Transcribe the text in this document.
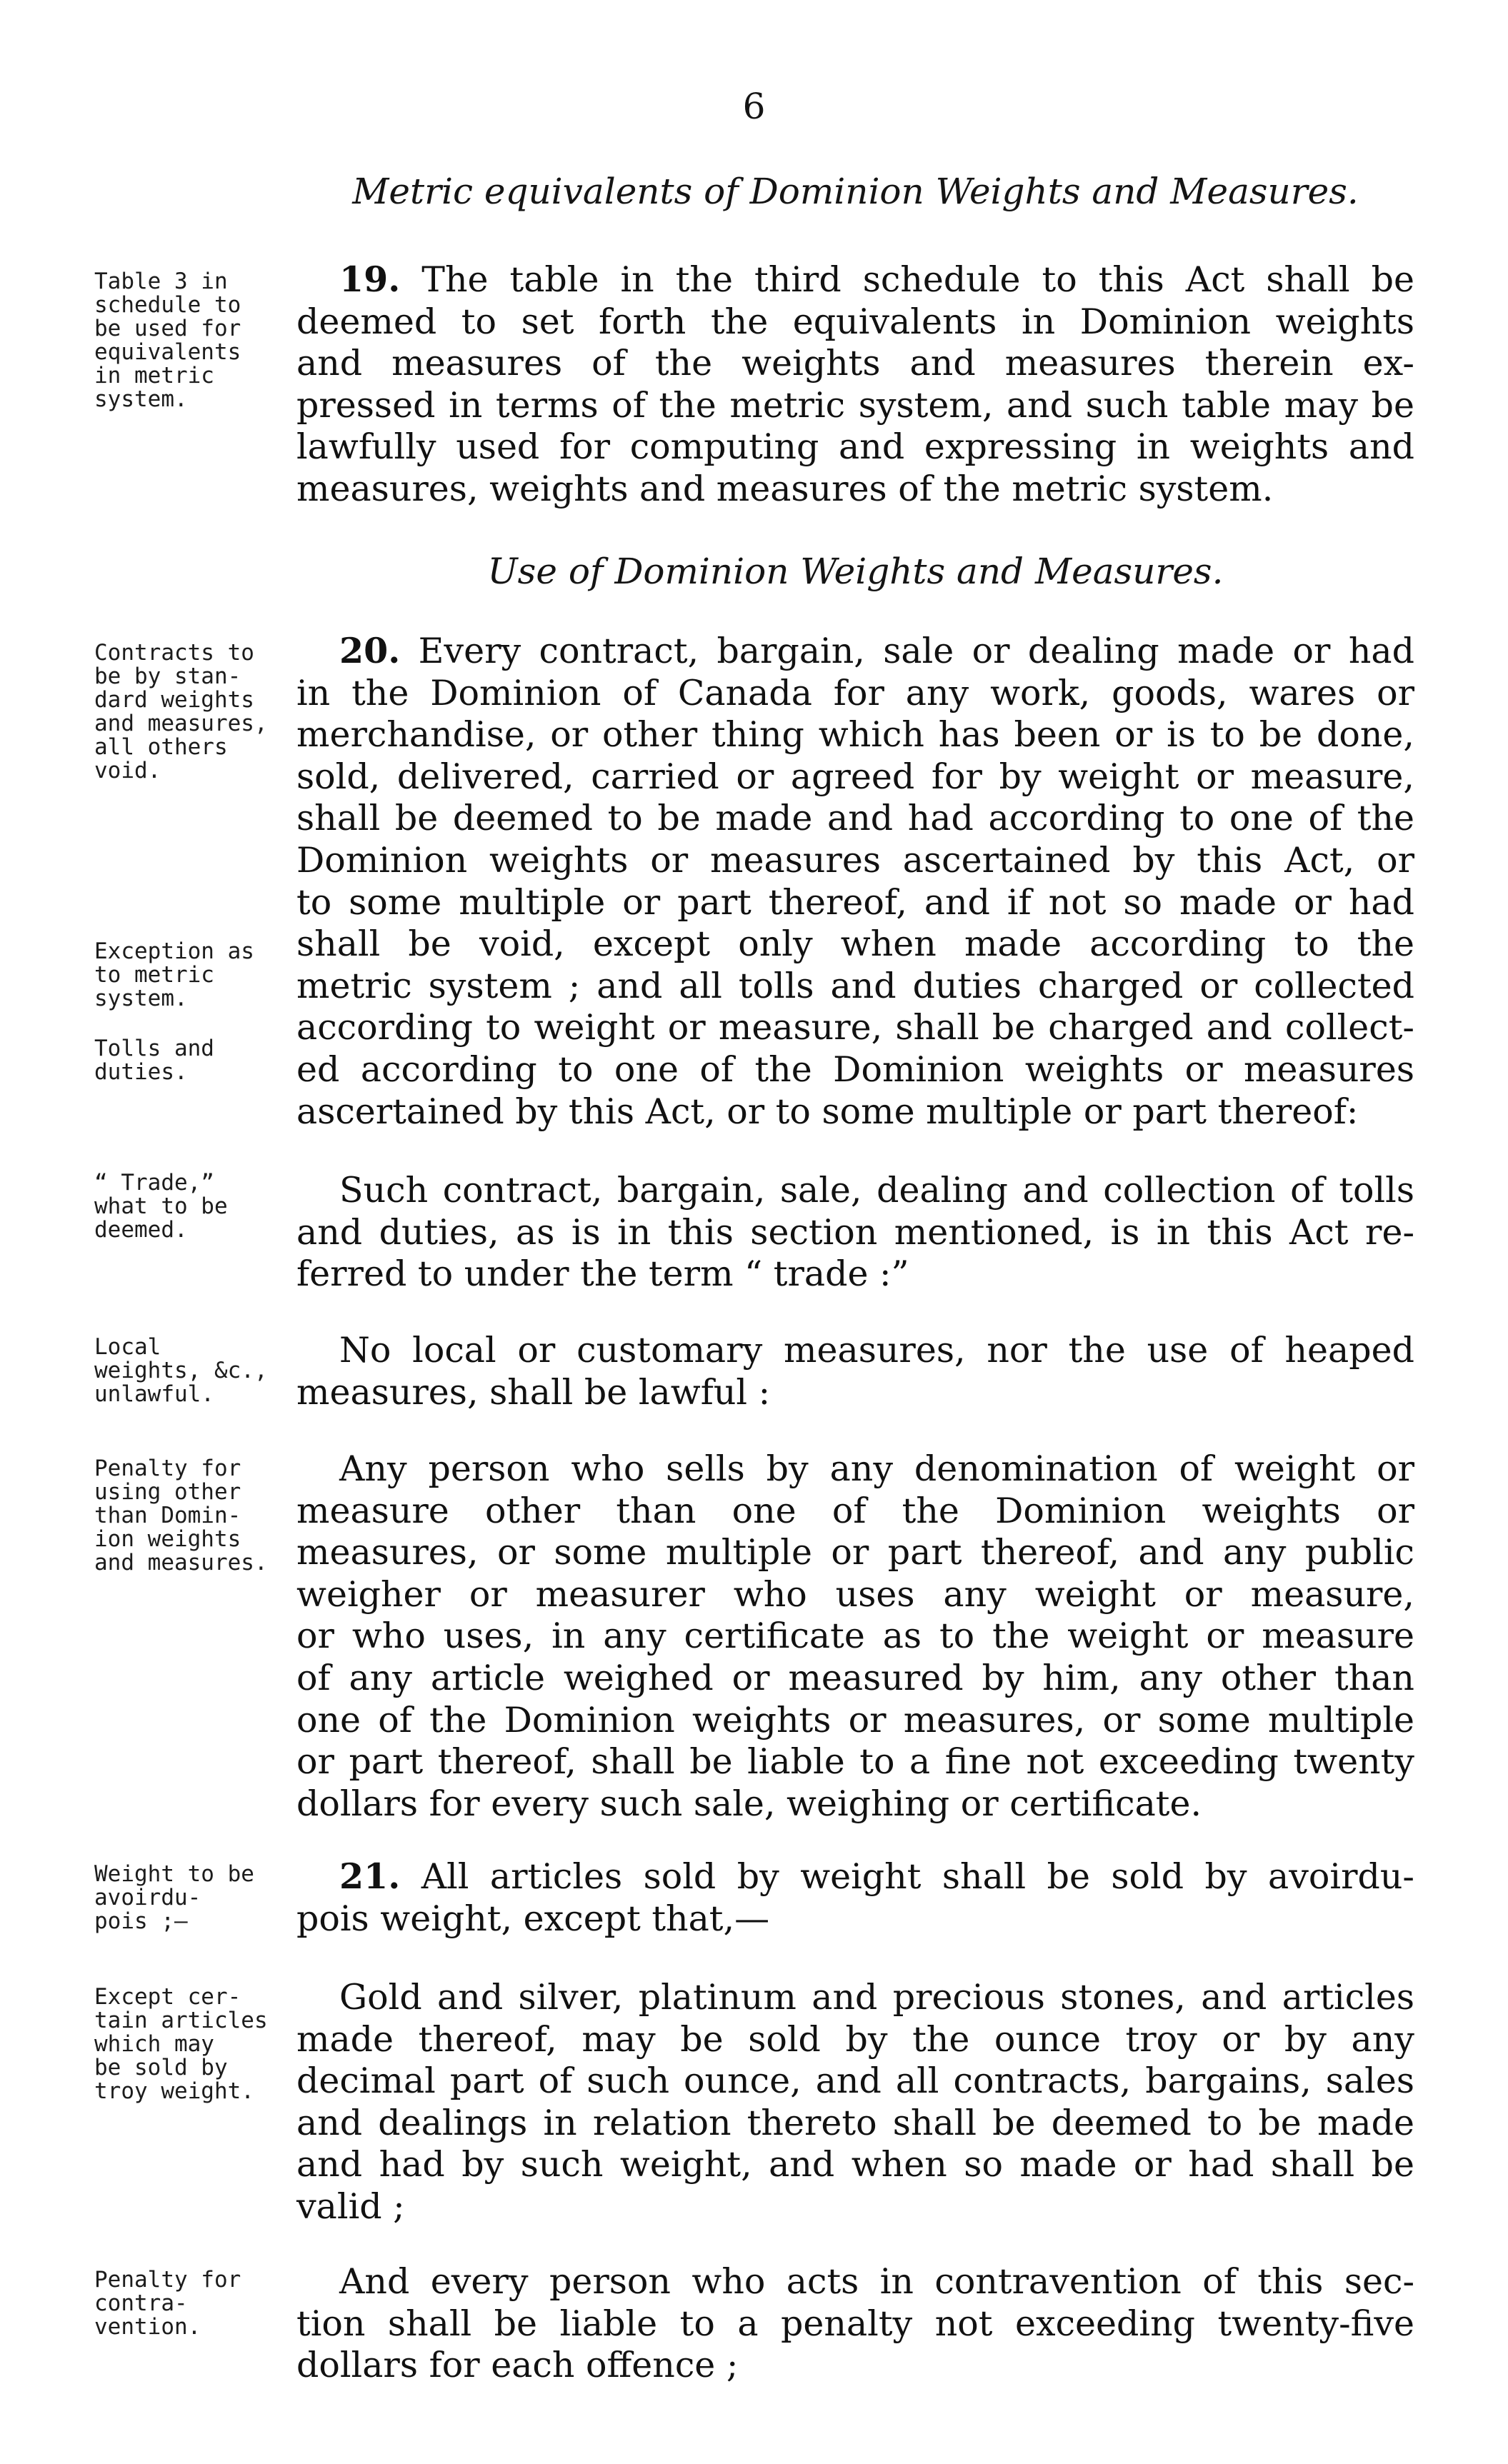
6
Metric equivalents of Dominion Weights and Measures.
Table 3 in
schedule to
be used for
equivalents
in metric
system.
19. The table in the third schedule to this Act shall be
deemed to set forth the equivalents in Dominion weights
and measures of the weights and measures therein ex-
pressed in terms of the metric system, and such table may be
lawfully used for computing and expressing in weights and
measures, weights and measures of the metric system.
Use of Dominion Weights and Measures.
Contracts to
be by stan-
dard weights
and measures,
all others
void.
Exception as
to metric
system.
Tolls and
duties.
20. Every contract, bargain, sale or dealing made or had
in the Dominion of Canada for any work, goods, wares or
merchandise, or other thing which has been or is to be done,
sold, delivered, carried or agreed for by weight or measure,
shall be deemed to be made and had according to one of the
Dominion weights or measures ascertained by this Act, or
to some multiple or part thereof, and if not so made or had
shall be void, except only when made according to the
metric system ; and all tolls and duties charged or collected
according to weight or measure, shall be charged and collect-
ed according to one of the Dominion weights or measures
ascertained by this Act, or to some multiple or part thereof:
“ Trade,”
what to be
deemed.
Such contract, bargain, sale, dealing and collection of tolls
and duties, as is in this section mentioned, is in this Act re-
ferred to under the term “ trade :”
Local
weights, &c.,
unlawful.
No local or customary measures, nor the use of heaped
measures, shall be lawful :
Penalty for
using other
than Domin-
ion weights
and measures.
Any person who sells by any denomination of weight or
measure other than one of the Dominion weights or
measures, or some multiple or part thereof, and any public
weigher or measurer who uses any weight or measure,
or who uses, in any certificate as to the weight or measure
of any article weighed or measured by him, any other than
one of the Dominion weights or measures, or some multiple
or part thereof, shall be liable to a fine not exceeding twenty
dollars for every such sale, weighing or certificate.
Weight to be
avoirdu-
pois ;—
21. All articles sold by weight shall be sold by avoirdu-
pois weight, except that,—
Except cer-
tain articles
which may
be sold by
troy weight.
Gold and silver, platinum and precious stones, and articles
made thereof, may be sold by the ounce troy or by any
decimal part of such ounce, and all contracts, bargains, sales
and dealings in relation thereto shall be deemed to be made
and had by such weight, and when so made or had shall be
valid ;
Penalty for
contra-
vention.
And every person who acts in contravention of this sec-
tion shall be liable to a penalty not exceeding twenty-five
dollars for each offence ;
